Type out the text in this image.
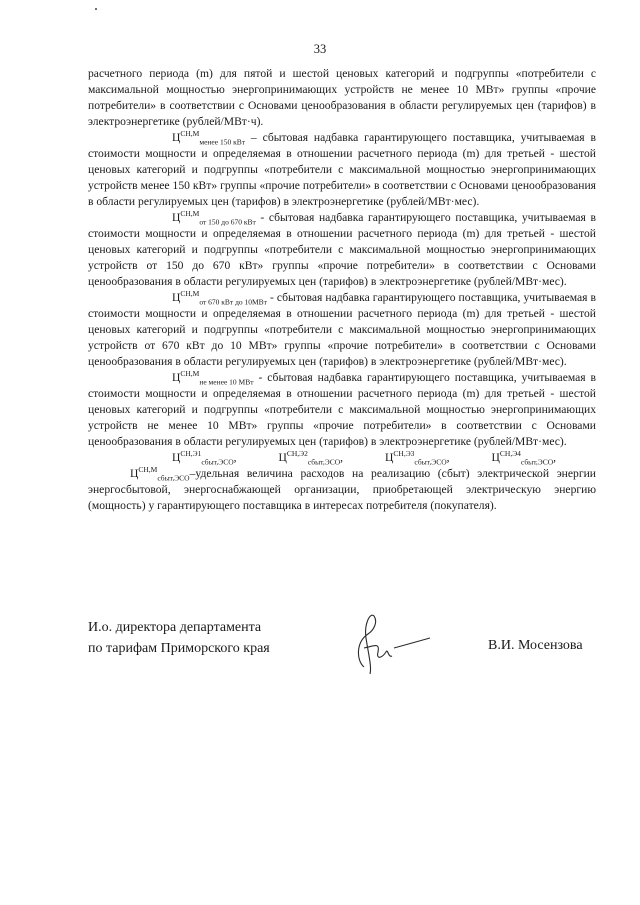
33

расчетного периода (m) для пятой и шестой ценовых категорий и подгруппы «потребители с максимальной мощностью энергопринимающих устройств не менее 10 МВт» группы «прочие потребители» в соответствии с Основами ценообразования в области регулируемых цен (тарифов) в электроэнергетике (рублей/МВт·ч).

$Ц^{СН,М}_{менее 150 кВт}$ – сбытовая надбавка гарантирующего поставщика, учитываемая в стоимости мощности и определяемая в отношении расчетного периода (m) для третьей - шестой ценовых категорий и подгруппы «потребители с максимальной мощностью энергопринимающих устройств менее 150 кВт» группы «прочие потребители» в соответствии с Основами ценообразования в области регулируемых цен (тарифов) в электроэнергетике (рублей/МВт·мес).

$Ц^{СН,М}_{от 150 до 670 кВт}$ - сбытовая надбавка гарантирующего поставщика, учитываемая в стоимости мощности и определяемая в отношении расчетного периода (m) для третьей - шестой ценовых категорий и подгруппы «потребители с максимальной мощностью энергопринимающих устройств от 150 до 670 кВт» группы «прочие потребители» в соответствии с Основами ценообразования в области регулируемых цен (тарифов) в электроэнергетике (рублей/МВт·мес).

$Ц^{СН,М}_{от 670 кВт до 10МВт}$ - сбытовая надбавка гарантирующего поставщика, учитываемая в стоимости мощности и определяемая в отношении расчетного периода (m) для третьей - шестой ценовых категорий и подгруппы «потребители с максимальной мощностью энергопринимающих устройств от 670 кВт до 10 МВт» группы «прочие потребители» в соответствии с Основами ценообразования в области регулируемых цен (тарифов) в электроэнергетике (рублей/МВт·мес).

$Ц^{СН,М}_{не менее 10 МВт}$ - сбытовая надбавка гарантирующего поставщика, учитываемая в стоимости мощности и определяемая в отношении расчетного периода (m) для третьей - шестой ценовых категорий и подгруппы «потребители с максимальной мощностью энергопринимающих устройств не менее 10 МВт» группы «прочие потребители» в соответствии с Основами ценообразования в области регулируемых цен (тарифов) в электроэнергетике (рублей/МВт·мес).

$Ц^{СН,Э1}_{сбыт,ЭСО}$,	$Ц^{СН,Э2}_{сбыт,ЭСО}$,	$Ц^{СН,Э3}_{сбыт,ЭСО}$,	$Ц^{СН,Э4}_{сбыт,ЭСО},Ц^{СН,М}_{сбыт,ЭСО}$–удельная величина расходов на реализацию (сбыт) электрической энергии энергосбытовой, энергоснабжающей организации, приобретающей электрическую энергию (мощность) у гарантирующего поставщика в интересах потребителя (покупателя).

И.о. директора департамента
по тарифам Приморского края	В.И. Мосензова
